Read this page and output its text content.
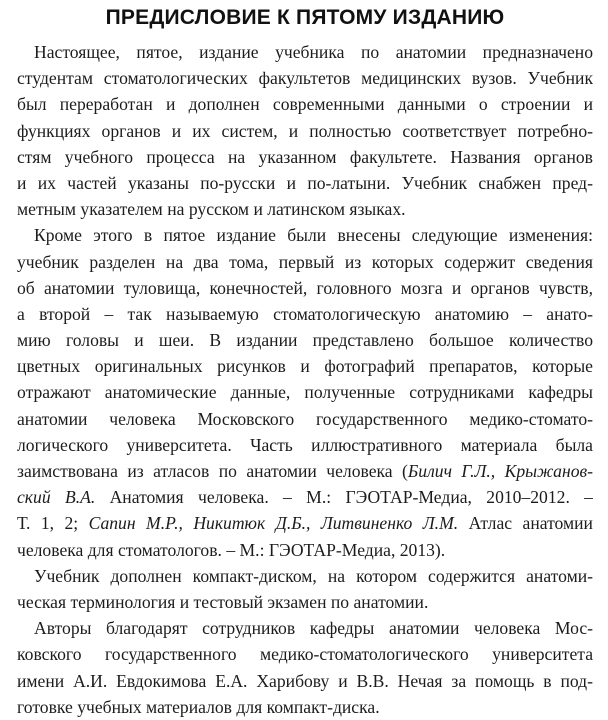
ПРЕДИСЛОВИЕ К ПЯТОМУ ИЗДАНИЮ
Настоящее, пятое, издание учебника по анатомии предназначено
студентам стоматологических факультетов медицинских вузов. Учебник
был переработан и дополнен современными данными о строении и
функциях органов и их систем, и полностью соответствует потребно-
стям учебного процесса на указанном факультете. Названия органов
и их частей указаны по-русски и по-латыни. Учебник снабжен пред-
метным указателем на русском и латинском языках.
Кроме этого в пятое издание были внесены следующие изменения:
учебник разделен на два тома, первый из которых содержит сведения
об анатомии туловища, конечностей, головного мозга и органов чувств,
а второй – так называемую стоматологическую анатомию – анато-
мию головы и шеи. В издании представлено большое количество
цветных оригинальных рисунков и фотографий препаратов, которые
отражают анатомические данные, полученные сотрудниками кафедры
анатомии человека Московского государственного медико-стомато-
логического университета. Часть иллюстративного материала была
заимствована из атласов по анатомии человека (Билич Г.Л., Крыжанов-
ский В.А. Анатомия человека. – М.: ГЭОТАР-Медиа, 2010–2012. –
Т. 1, 2; Сапин М.Р., Никитюк Д.Б., Литвиненко Л.М. Атлас анатомии
человека для стоматологов. – М.: ГЭОТАР-Медиа, 2013).
Учебник дополнен компакт-диском, на котором содержится анатоми-
ческая терминология и тестовый экзамен по анатомии.
Авторы благодарят сотрудников кафедры анатомии человека Мос-
ковского государственного медико-стоматологического университета
имени А.И. Евдокимова Е.А. Харибову и В.В. Нечая за помощь в под-
готовке учебных материалов для компакт-диска.
